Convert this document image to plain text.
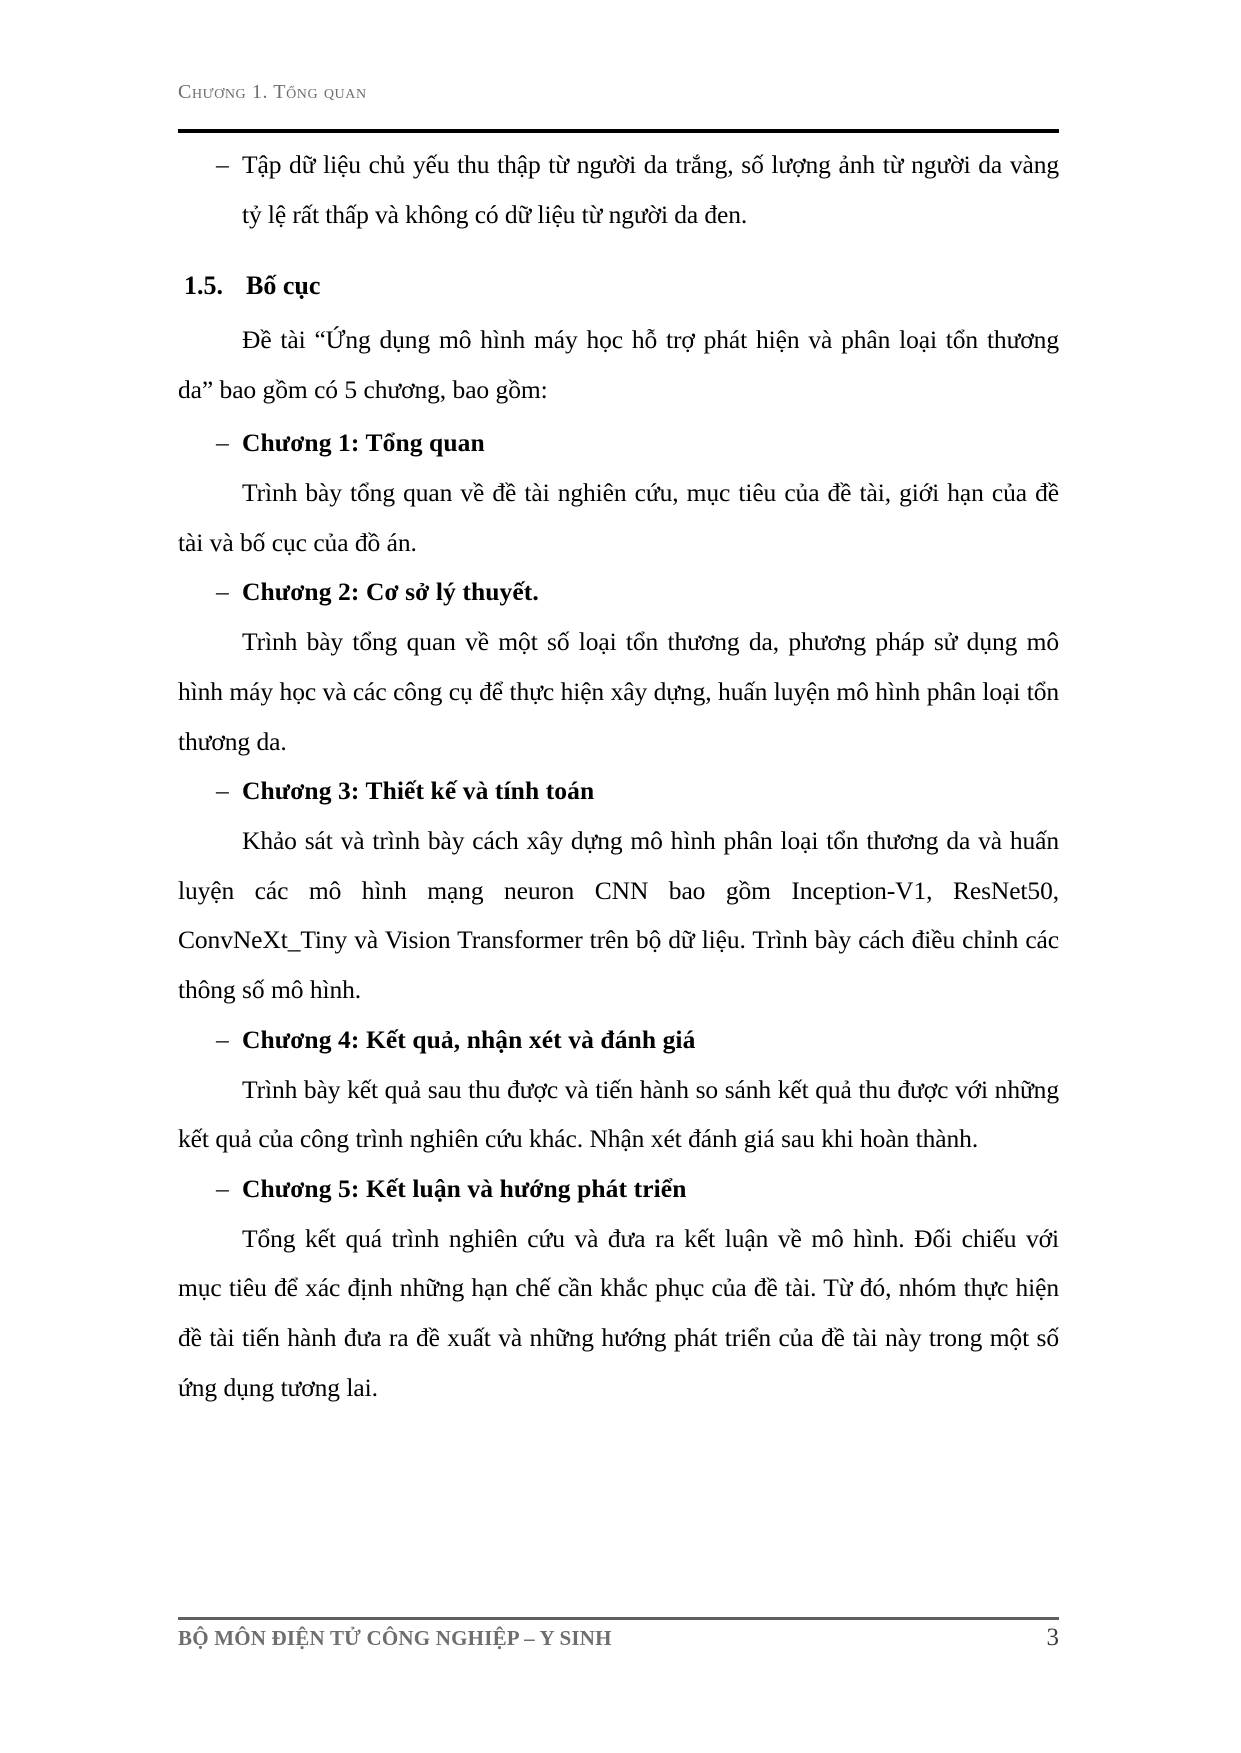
Chương 1. Tổng quan
– Tập dữ liệu chủ yếu thu thập từ người da trắng, số lượng ảnh từ người da vàng tỷ lệ rất thấp và không có dữ liệu từ người da đen.
1.5. Bố cục

Đề tài “Ứng dụng mô hình máy học hỗ trợ phát hiện và phân loại tổn thương da” bao gồm có 5 chương, bao gồm:

– Chương 1: Tổng quan

Trình bày tổng quan về đề tài nghiên cứu, mục tiêu của đề tài, giới hạn của đề tài và bố cục của đồ án.

– Chương 2: Cơ sở lý thuyết.

Trình bày tổng quan về một số loại tổn thương da, phương pháp sử dụng mô hình máy học và các công cụ để thực hiện xây dựng, huấn luyện mô hình phân loại tổn thương da.

– Chương 3: Thiết kế và tính toán

Khảo sát và trình bày cách xây dựng mô hình phân loại tổn thương da và huấn luyện các mô hình mạng neuron CNN bao gồm Inception-V1, ResNet50, ConvNeXt_Tiny và Vision Transformer trên bộ dữ liệu. Trình bày cách điều chỉnh các thông số mô hình.

– Chương 4: Kết quả, nhận xét và đánh giá

Trình bày kết quả sau thu được và tiến hành so sánh kết quả thu được với những kết quả của công trình nghiên cứu khác. Nhận xét đánh giá sau khi hoàn thành.

– Chương 5: Kết luận và hướng phát triển

Tổng kết quá trình nghiên cứu và đưa ra kết luận về mô hình. Đối chiếu với mục tiêu để xác định những hạn chế cần khắc phục của đề tài. Từ đó, nhóm thực hiện đề tài tiến hành đưa ra đề xuất và những hướng phát triển của đề tài này trong một số ứng dụng tương lai.

BỘ MÔN ĐIỆN TỬ CÔNG NGHIỆP – Y SINH	3
